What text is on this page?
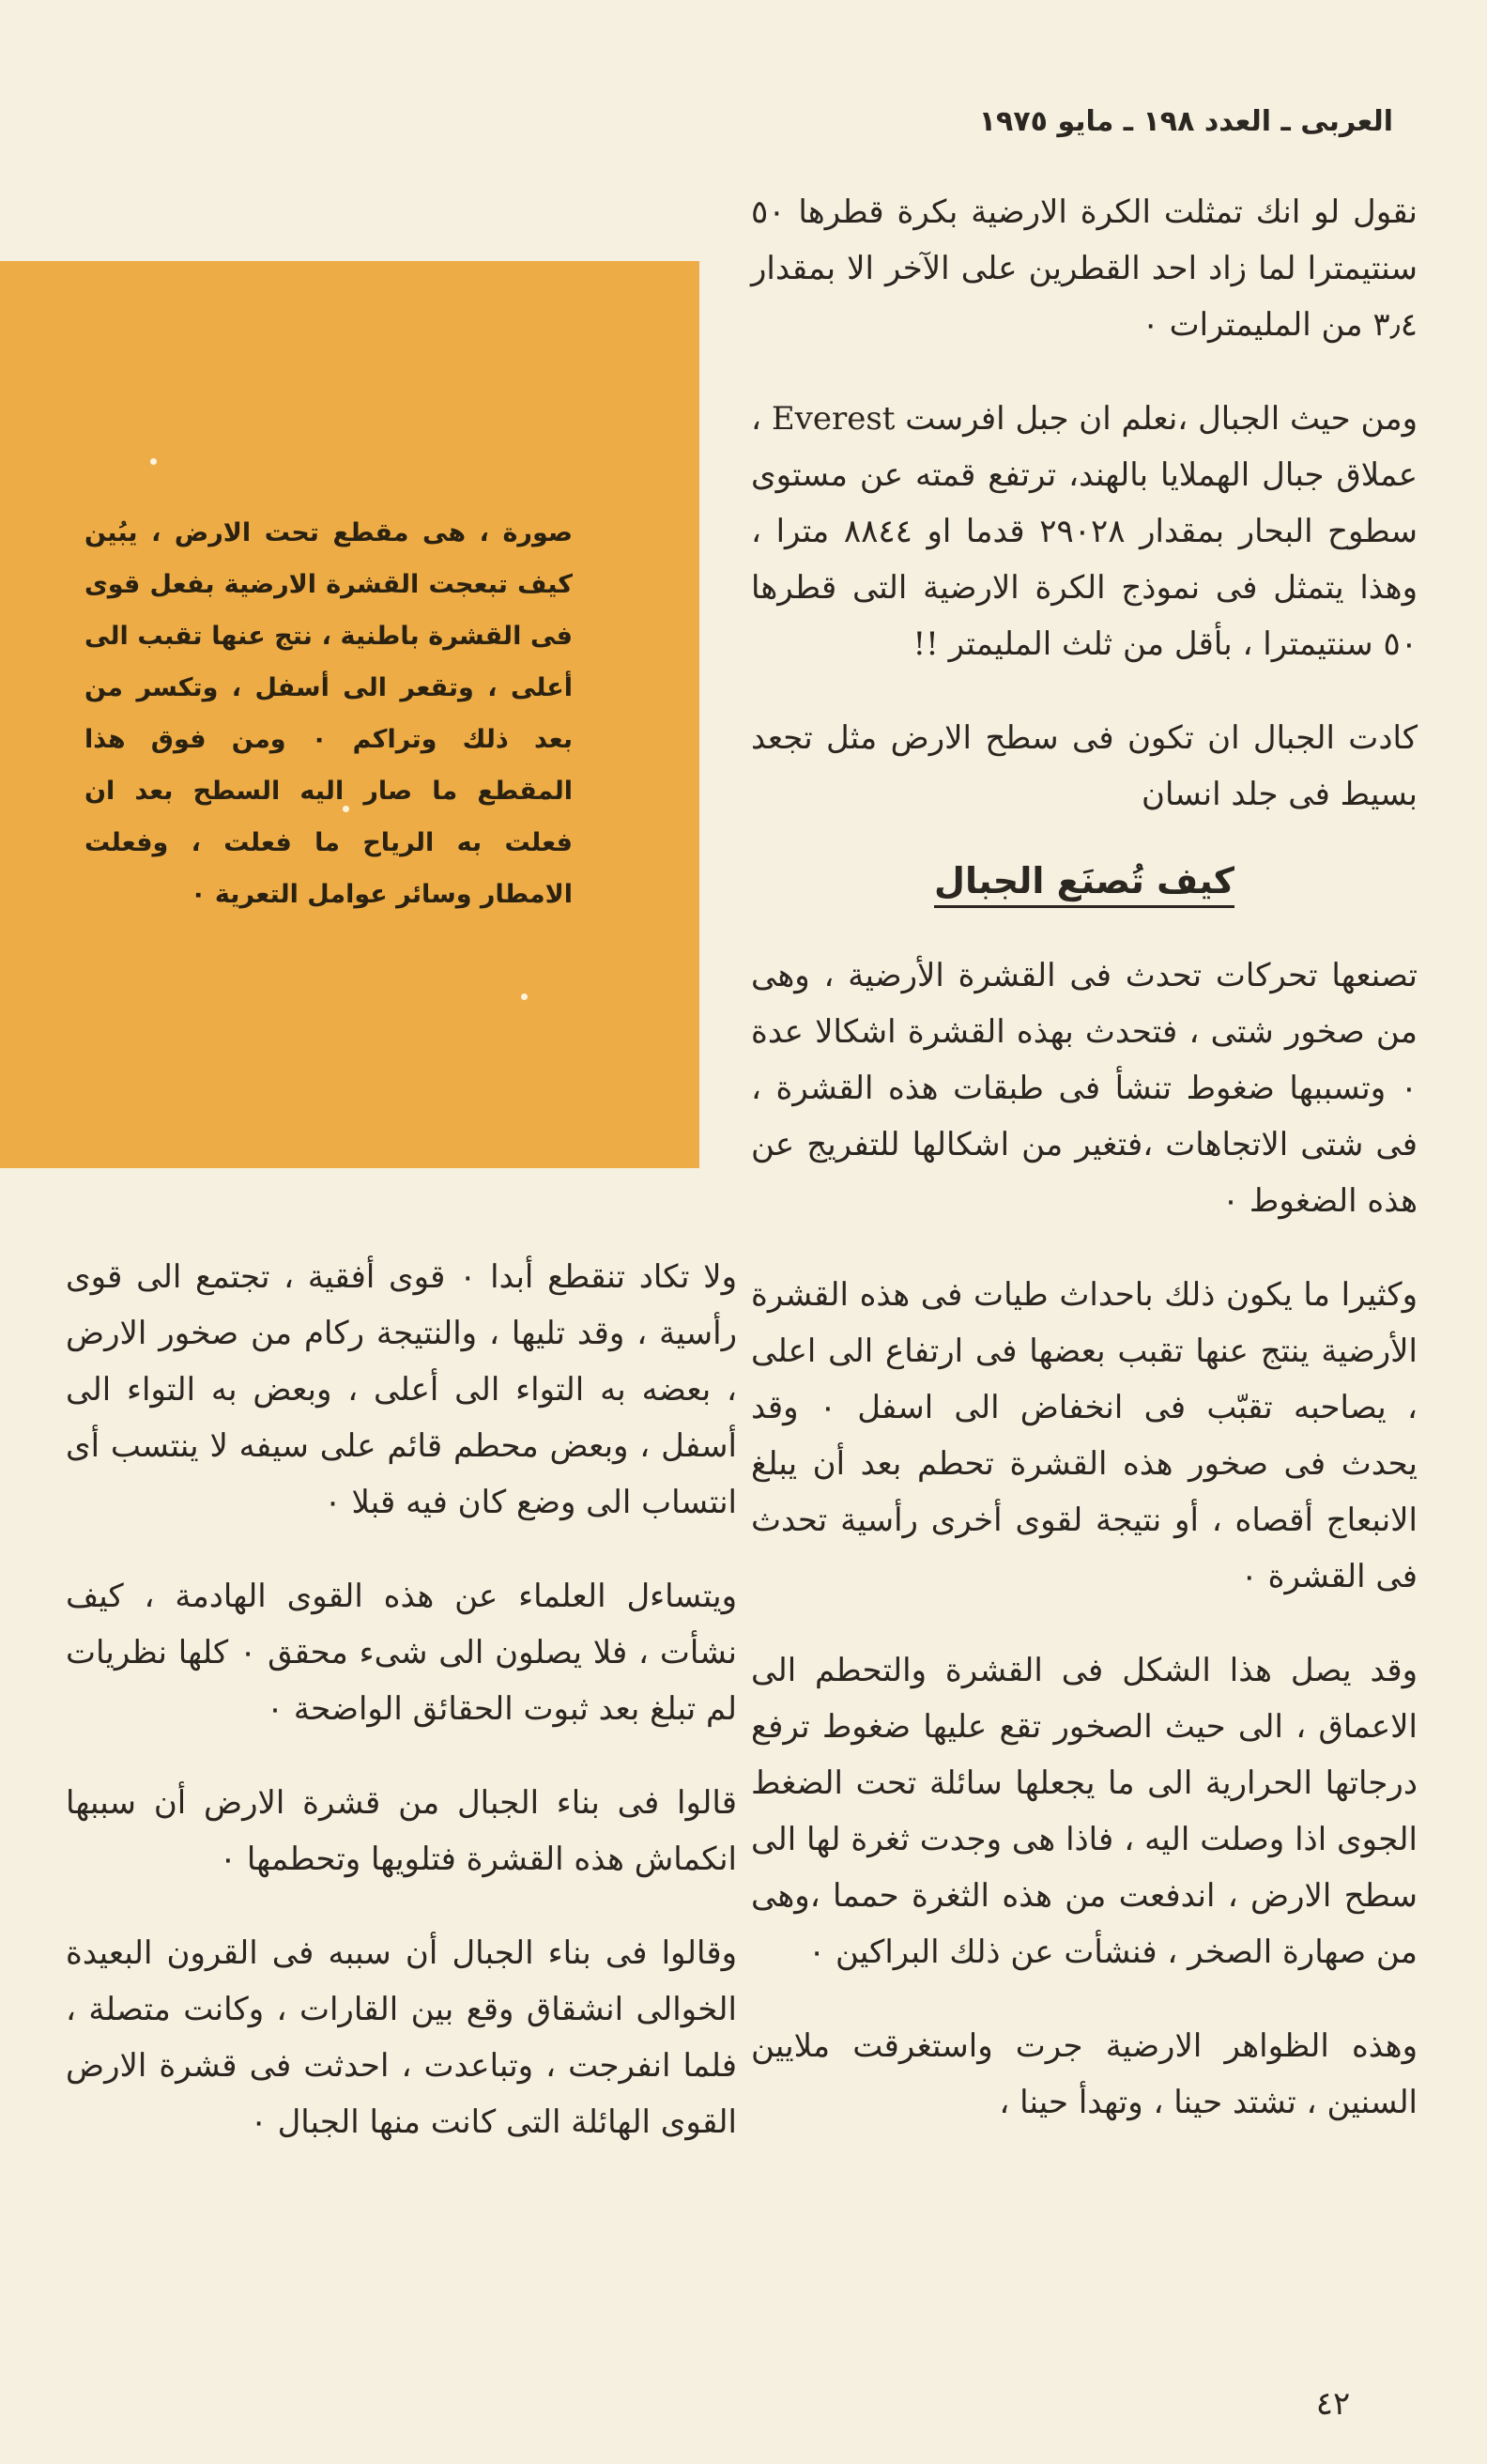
العربى ـ العدد ١٩٨ ـ مايو ١٩٧٥
صورة ، هى مقطع تحت الارض ، يبُين كيف تبعجت القشرة الارضية بفعل قوى فى القشرة باطنية ، نتج عنها تقبب الى أعلى ، وتقعر الى أسفل ، وتكسر من بعد ذلك وتراكم ٠ ومن فوق هذا المقطع ما صار اليه السطح بعد ان فعلت به الرياح ما فعلت ، وفعلت الامطار وسائر عوامل التعرية ٠

نقول لو انك تمثلت الكرة الارضية بكرة قطرها ٥٠ سنتيمترا لما زاد احد القطرين على الآخر الا بمقدار ٣٫٤ من المليمترات ٠

ومن حيث الجبال ،نعلم ان جبل افرست Everest ، عملاق جبال الهملايا بالهند، ترتفع قمته عن مستوى سطوح البحار بمقدار ٢٩٠٢٨ قدما او ٨٨٤٤ مترا ، وهذا يتمثل فى نموذج الكرة الارضية التى قطرها ٥٠ سنتيمترا ، بأقل من ثلث المليمتر !!

كادت الجبال ان تكون فى سطح الارض مثل تجعد بسيط فى جلد انسان

كيف تُصنَع الجبال

تصنعها تحركات تحدث فى القشرة الأرضية ، وهى من صخور شتى ، فتحدث بهذه القشرة اشكالا عدة ٠ وتسببها ضغوط تنشأ فى طبقات هذه القشرة ، فى شتى الاتجاهات ،فتغير من اشكالها للتفريج عن هذه الضغوط ٠

وكثيرا ما يكون ذلك باحداث طيات فى هذه القشرة الأرضية ينتج عنها تقبب بعضها فى ارتفاع الى اعلى ، يصاحبه تقبّب فى انخفاض الى اسفل ٠ وقد يحدث فى صخور هذه القشرة تحطم بعد أن يبلغ الانبعاج أقصاه ، أو نتيجة لقوى أخرى رأسية تحدث فى القشرة ٠

وقد يصل هذا الشكل فى القشرة والتحطم الى الاعماق ، الى حيث الصخور تقع عليها ضغوط ترفع درجاتها الحرارية الى ما يجعلها سائلة تحت الضغط الجوى اذا وصلت اليه ، فاذا هى وجدت ثغرة لها الى سطح الارض ، اندفعت من هذه الثغرة حمما ،وهى من صهارة الصخر ، فنشأت عن ذلك البراكين ٠

وهذه الظواهر الارضية جرت واستغرقت ملايين السنين ، تشتد حينا ، وتهدأ حينا ،

ولا تكاد تنقطع أبدا ٠ قوى أفقية ، تجتمع الى قوى رأسية ، وقد تليها ، والنتيجة ركام من صخور الارض ، بعضه به التواء الى أعلى ، وبعض به التواء الى أسفل ، وبعض محطم قائم على سيفه لا ينتسب أى انتساب الى وضع كان فيه قبلا ٠

ويتساءل العلماء عن هذه القوى الهادمة ، كيف نشأت ، فلا يصلون الى شىء محقق ٠ كلها نظريات لم تبلغ بعد ثبوت الحقائق الواضحة ٠

قالوا فى بناء الجبال من قشرة الارض أن سببها انكماش هذه القشرة فتلويها وتحطمها ٠

وقالوا فى بناء الجبال أن سببه فى القرون البعيدة الخوالى انشقاق وقع بين القارات ، وكانت متصلة ، فلما انفرجت ، وتباعدت ، احدثت فى قشرة الارض القوى الهائلة التى كانت منها الجبال ٠

٤٢
